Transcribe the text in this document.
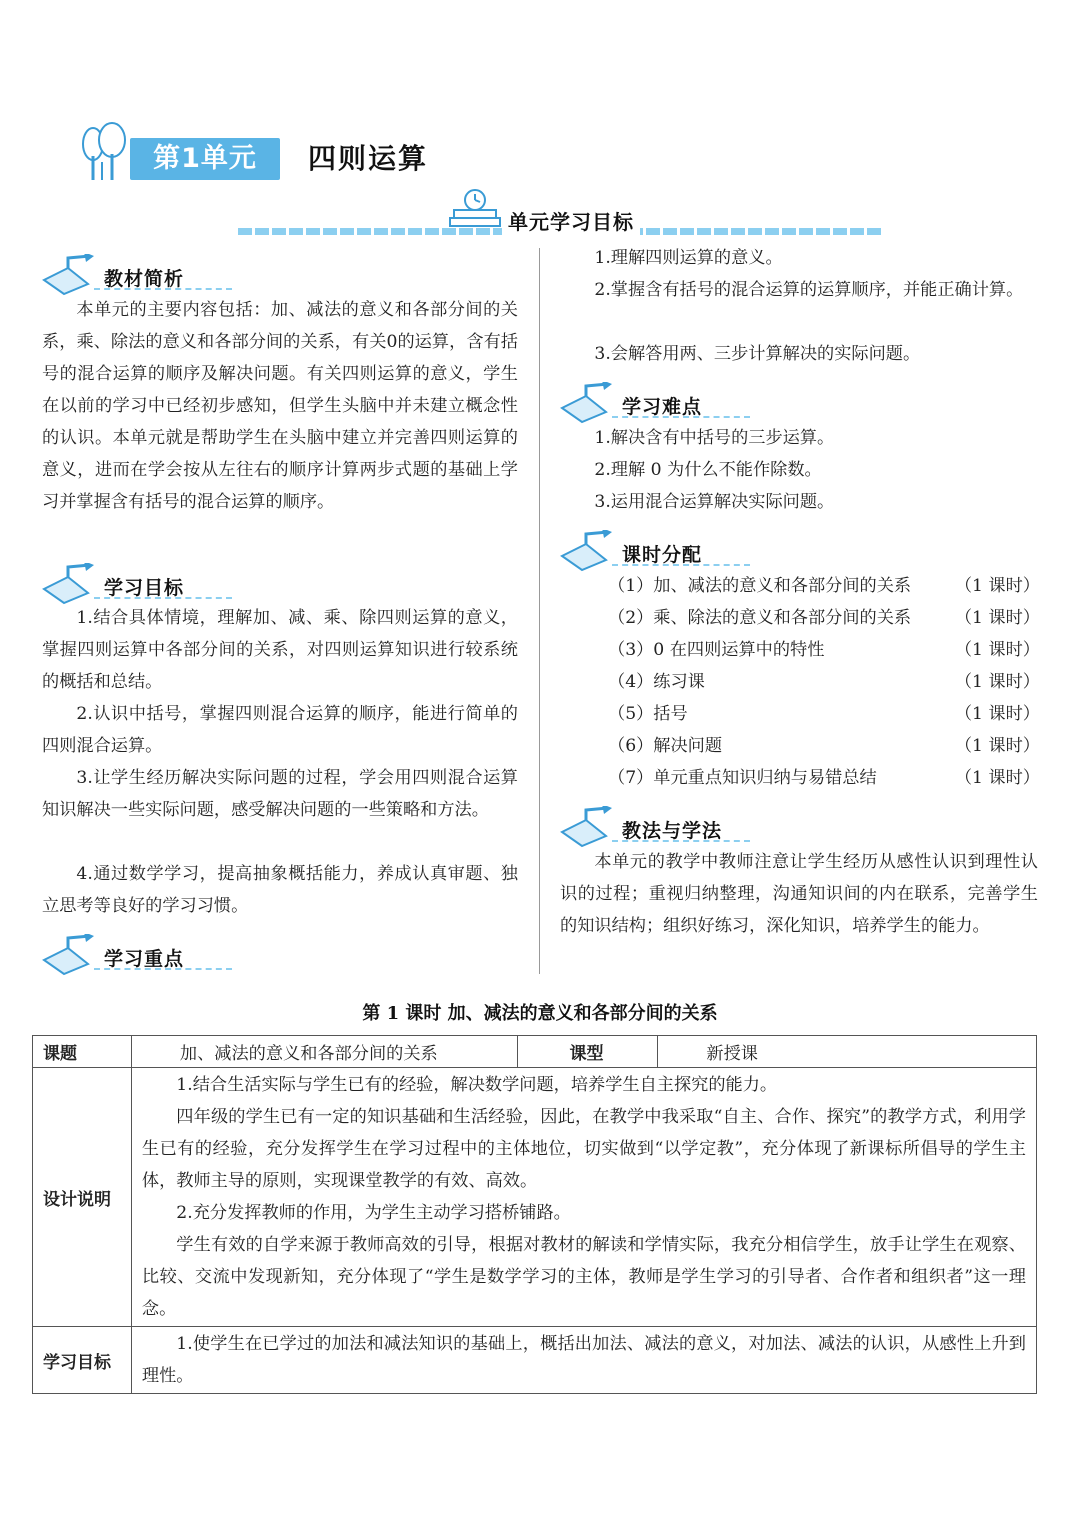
第1单元	四则运算
单元学习目标
教材简析

本单元的主要内容包括：加、减法的意义和各部分间的关系，乘、除法的意义和各部分间的关系，有关0的运算，含有括号的混合运算的顺序及解决问题。有关四则运算的意义，学生在以前的学习中已经初步感知，但学生头脑中并未建立概念性的认识。本单元就是帮助学生在头脑中建立并完善四则运算的意义，进而在学会按从左往右的顺序计算两步式题的基础上学习并掌握含有括号的混合运算的顺序。

学习目标

1.结合具体情境，理解加、减、乘、除四则运算的意义，掌握四则运算中各部分间的关系，对四则运算知识进行较系统的概括和总结。

2.认识中括号，掌握四则混合运算的顺序，能进行简单的四则混合运算。

3.让学生经历解决实际问题的过程，学会用四则混合运算知识解决一些实际问题，感受解决问题的一些策略和方法。

4.通过数学学习，提高抽象概括能力，养成认真审题、独立思考等良好的学习习惯。

学习重点

1.理解四则运算的意义。

2.掌握含有括号的混合运算的运算顺序，并能正确计算。

3.会解答用两、三步计算解决的实际问题。

学习难点

1.解决含有中括号的三步运算。

2.理解 0 为什么不能作除数。

3.运用混合运算解决实际问题。

课时分配
（1）加、减法的意义和各部分间的关系	（1 课时）
（2）乘、除法的意义和各部分间的关系	（1 课时）
（3）0 在四则运算中的特性	（1 课时）
（4）练习课	（1 课时）
（5）括号	（1 课时）
（6）解决问题	（1 课时）
（7）单元重点知识归纳与易错总结	（1 课时）
教法与学法

本单元的教学中教师注意让学生经历从感性认识到理性认识的过程；重视归纳整理，沟通知识间的内在联系，完善学生的知识结构；组织好练习，深化知识，培养学生的能力。

第 1 课时 加、减法的意义和各部分间的关系
课题	加、减法的意义和各部分间的关系	课型	新授课
设计说明	1.结合生活实际与学生已有的经验，解决数学问题，培养学生自主探究的能力。

四年级的学生已有一定的知识基础和生活经验，因此，在教学中我采取“自主、合作、探究”的教学方式，利用学生已有的经验，充分发挥学生在学习过程中的主体地位，切实做到“以学定教”，充分体现了新课标所倡导的学生主体，教师主导的原则，实现课堂教学的有效、高效。

2.充分发挥教师的作用，为学生主动学习搭桥铺路。

学生有效的自学来源于教师高效的引导，根据对教材的解读和学情实际，我充分相信学生，放手让学生在观察、比较、交流中发现新知，充分体现了“学生是数学学习的主体，教师是学生学习的引导者、合作者和组织者”这一理念。		

学习目标	1.使学生在已学过的加法和减法知识的基础上，概括出加法、减法的意义，对加法、减法的认识，从感性上升到理性。		
